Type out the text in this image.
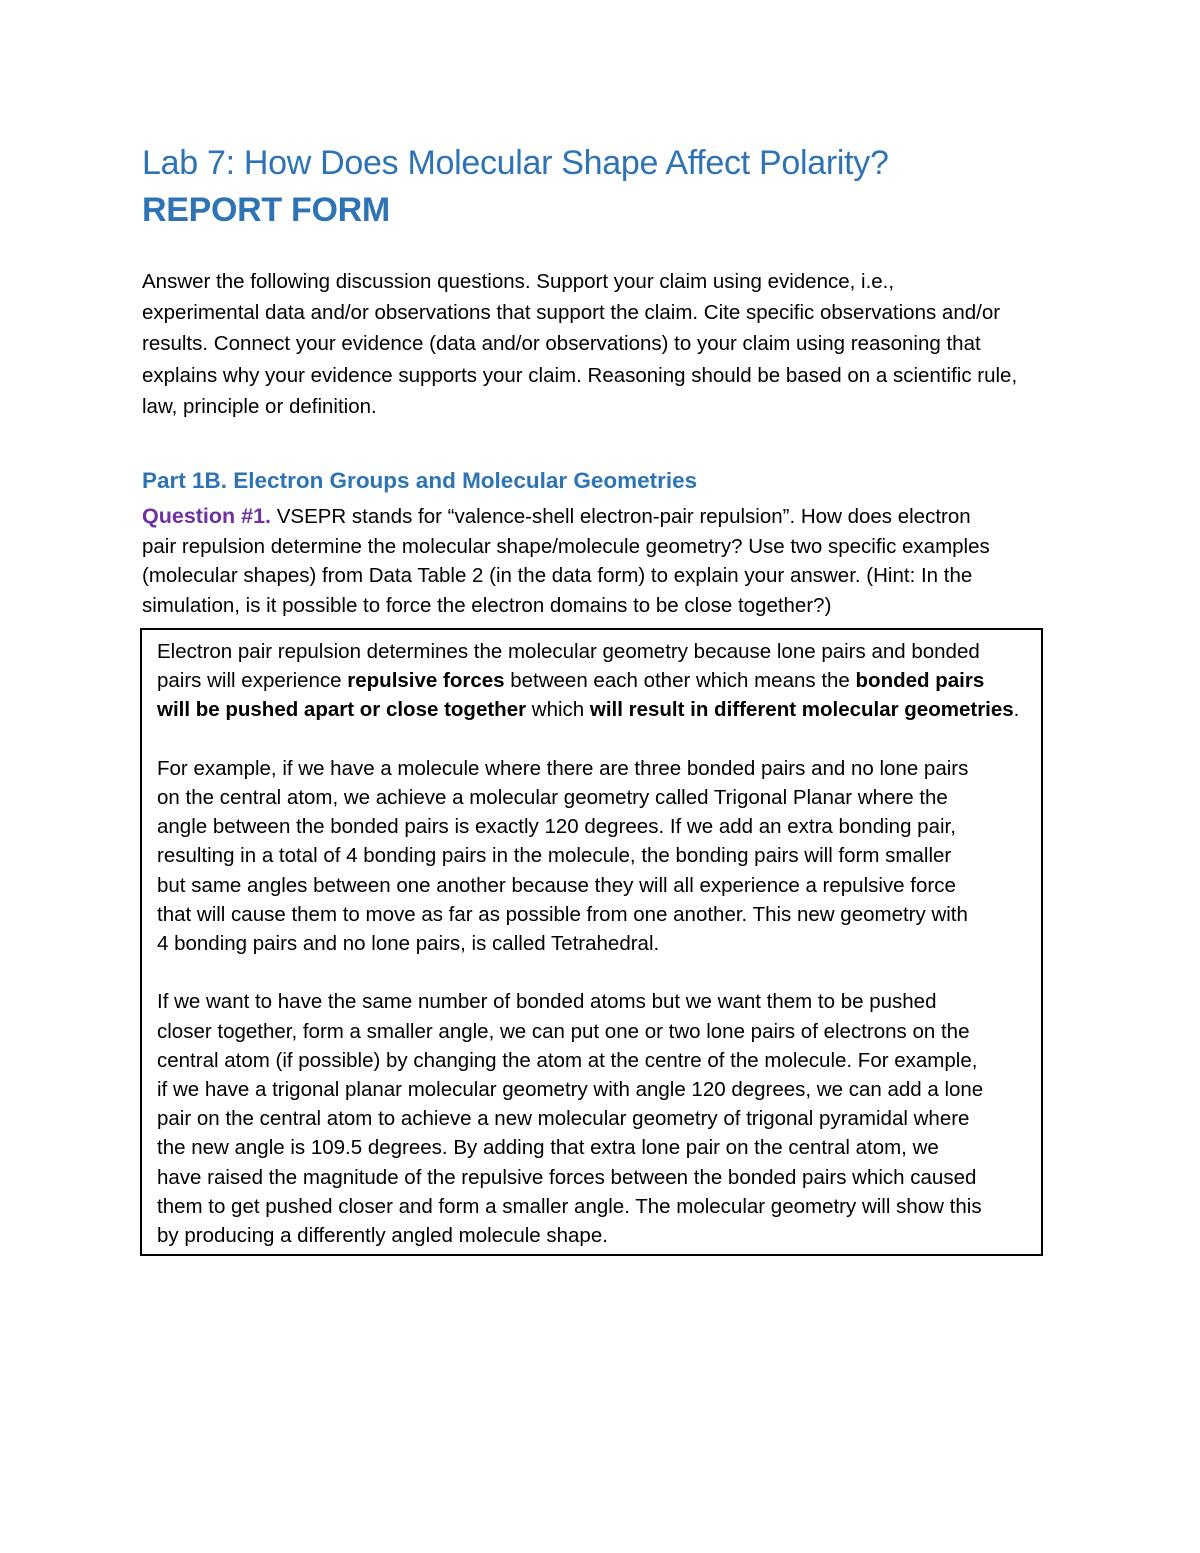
Lab 7: How Does Molecular Shape Affect Polarity?
REPORT FORM

Answer the following discussion questions. Support your claim using evidence, i.e.,
experimental data and/or observations that support the claim. Cite specific observations and/or
results. Connect your evidence (data and/or observations) to your claim using reasoning that
explains why your evidence supports your claim. Reasoning should be based on a scientific rule,
law, principle or definition.

Part 1B. Electron Groups and Molecular Geometries

Question #1. VSEPR stands for “valence-shell electron-pair repulsion”. How does electron
pair repulsion determine the molecular shape/molecule geometry? Use two specific examples
(molecular shapes) from Data Table 2 (in the data form) to explain your answer. (Hint: In the
simulation, is it possible to force the electron domains to be close together?)

Electron pair repulsion determines the molecular geometry because lone pairs and bonded
pairs will experience repulsive forces between each other which means the bonded pairs
will be pushed apart or close together which will result in different molecular geometries.
For example, if we have a molecule where there are three bonded pairs and no lone pairs
on the central atom, we achieve a molecular geometry called Trigonal Planar where the
angle between the bonded pairs is exactly 120 degrees. If we add an extra bonding pair,
resulting in a total of 4 bonding pairs in the molecule, the bonding pairs will form smaller
but same angles between one another because they will all experience a repulsive force
that will cause them to move as far as possible from one another. This new geometry with
4 bonding pairs and no lone pairs, is called Tetrahedral.
If we want to have the same number of bonded atoms but we want them to be pushed
closer together, form a smaller angle, we can put one or two lone pairs of electrons on the
central atom (if possible) by changing the atom at the centre of the molecule. For example,
if we have a trigonal planar molecular geometry with angle 120 degrees, we can add a lone
pair on the central atom to achieve a new molecular geometry of trigonal pyramidal where
the new angle is 109.5 degrees. By adding that extra lone pair on the central atom, we
have raised the magnitude of the repulsive forces between the bonded pairs which caused
them to get pushed closer and form a smaller angle. The molecular geometry will show this
by producing a differently angled molecule shape.
